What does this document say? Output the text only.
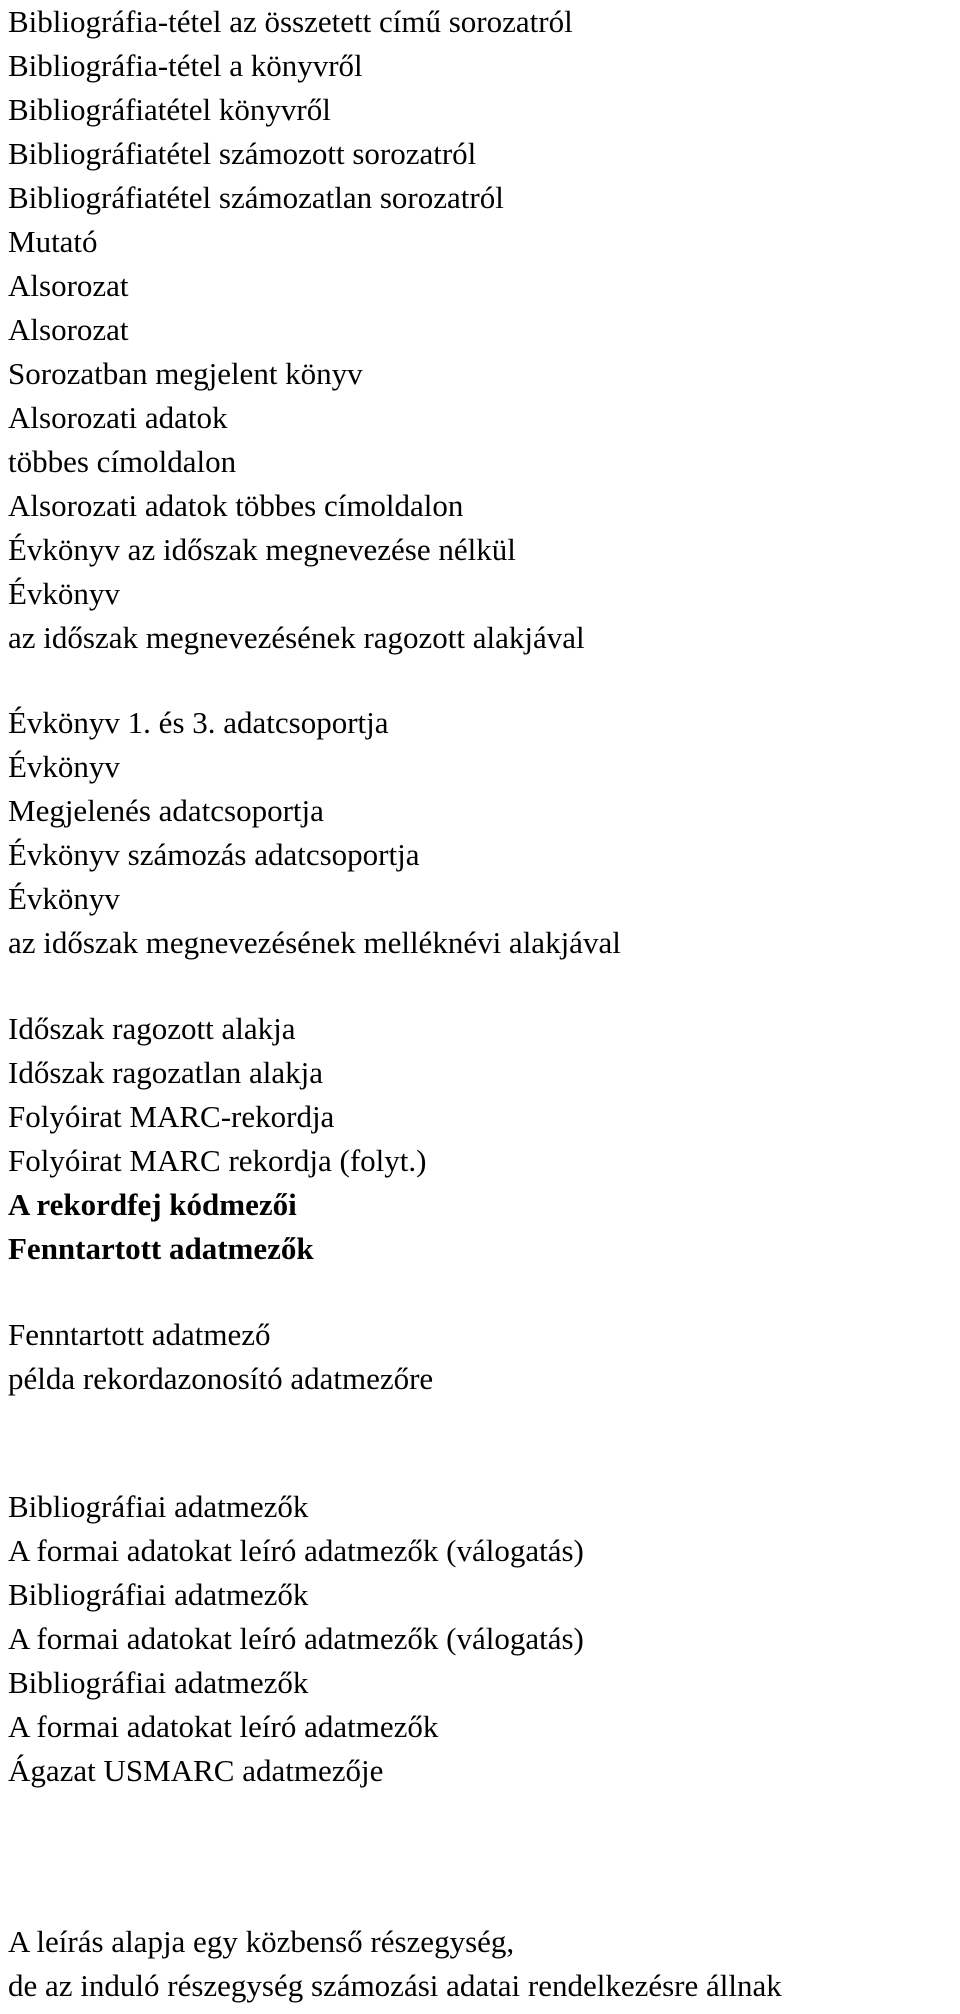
Bibliográfia-tétel az összetett című sorozatról
Bibliográfia-tétel a könyvről
Bibliográfiatétel könyvről
Bibliográfiatétel számozott sorozatról
Bibliográfiatétel számozatlan sorozatról
Mutató
Alsorozat
Alsorozat
Sorozatban megjelent könyv
Alsorozati adatok
többes címoldalon
Alsorozati adatok többes címoldalon
Évkönyv az időszak megnevezése nélkül
Évkönyv
az időszak megnevezésének ragozott alakjával
Évkönyv 1. és 3. adatcsoportja
Évkönyv
Megjelenés adatcsoportja
Évkönyv számozás adatcsoportja
Évkönyv
az időszak megnevezésének melléknévi alakjával
Időszak ragozott alakja
Időszak ragozatlan alakja
Folyóirat MARC-rekordja
Folyóirat MARC rekordja (folyt.)
A rekordfej kódmezői
Fenntartott adatmezők
Fenntartott adatmező
példa rekordazonosító adatmezőre
Bibliográfiai adatmezők
A formai adatokat leíró adatmezők (válogatás)
Bibliográfiai adatmezők
A formai adatokat leíró adatmezők (válogatás)
Bibliográfiai adatmezők
A formai adatokat leíró adatmezők
Ágazat USMARC adatmezője
A leírás alapja egy közbenső részegység,
de az induló részegység számozási adatai rendelkezésre állnak
